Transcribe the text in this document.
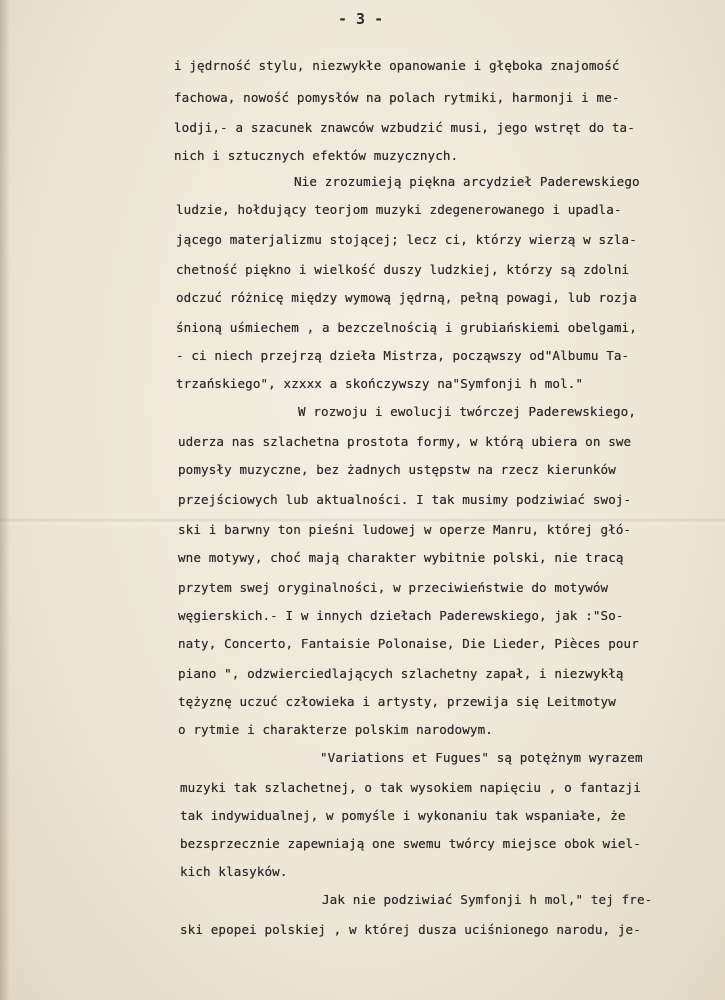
- 3 -
i jędrność stylu, niezwykłe opanowanie i głęboka znajomość
fachowa, nowość pomysłów na polach rytmiki, harmonji i me-
lodji,- a szacunek znawców wzbudzić musi, jego wstręt do ta-
nich i sztucznych efektów muzycznych.
Nie zrozumieją piękna arcydzieł Paderewskiego
ludzie, hołdujący teorjom muzyki zdegenerowanego i upadla-
jącego materjalizmu stojącej; lecz ci, którzy wierzą w szla-
chetność piękno i wielkość duszy ludzkiej, którzy są zdolni
odczuć różnicę między wymową jędrną, pełną powagi, lub rozja
śnioną uśmiechem , a bezczelnością i grubiańskiemi obelgami,
- ci niech przejrzą dzieła Mistrza, począwszy od"Albumu Ta-
trzańskiego", xzxxx a skończywszy na"Symfonji h mol."
W rozwoju i ewolucji twórczej Paderewskiego,
uderza nas szlachetna prostota formy, w którą ubiera on swe
pomysły muzyczne, bez żadnych ustępstw na rzecz kierunków
przejściowych lub aktualności. I tak musimy podziwiać swoj-
ski i barwny ton pieśni ludowej w operze Manru, której głó-
wne motywy, choć mają charakter wybitnie polski, nie tracą
przytem swej oryginalności, w przeciwieństwie do motywów
węgierskich.- I w innych dziełach Paderewskiego, jak :"So-
naty, Concerto, Fantaisie Polonaise, Die Lieder, Pièces pour
piano ", odzwierciedlających szlachetny zapał, i niezwykłą
tężyznę uczuć człowieka i artysty, przewija się Leitmotyw
o rytmie i charakterze polskim narodowym.
"Variations et Fugues" są potężnym wyrazem
muzyki tak szlachetnej, o tak wysokiem napięciu , o fantazji
tak indywidualnej, w pomyśle i wykonaniu tak wspaniałe, że
bezsprzecznie zapewniają one swemu twórcy miejsce obok wiel-
kich klasyków.
Jak nie podziwiać Symfonji h mol," tej fre-
ski epopei polskiej , w której dusza uciśnionego narodu, je-
